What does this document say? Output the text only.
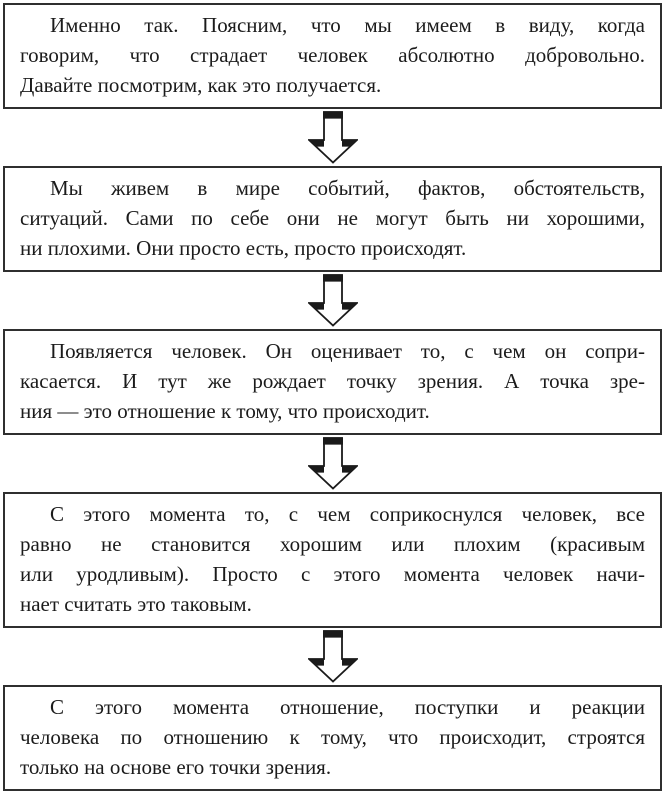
Именно так. Поясним, что мы имеем в виду, когда
говорим, что страдает человек абсолютно добровольно.
Давайте посмотрим, как это получается.
Мы живем в мире событий, фактов, обстоятельств,
ситуаций. Сами по себе они не могут быть ни хорошими,
ни плохими. Они просто есть, просто происходят.
Появляется человек. Он оценивает то, с чем он сопри-
касается. И тут же рождает точку зрения. А точка зре-
ния — это отношение к тому, что происходит.
С этого момента то, с чем соприкоснулся человек, все
равно не становится хорошим или плохим (красивым
или уродливым). Просто с этого момента человек начи-
нает считать это таковым.
С этого момента отношение, поступки и реакции
человека по отношению к тому, что происходит, строятся
только на основе его точки зрения.
